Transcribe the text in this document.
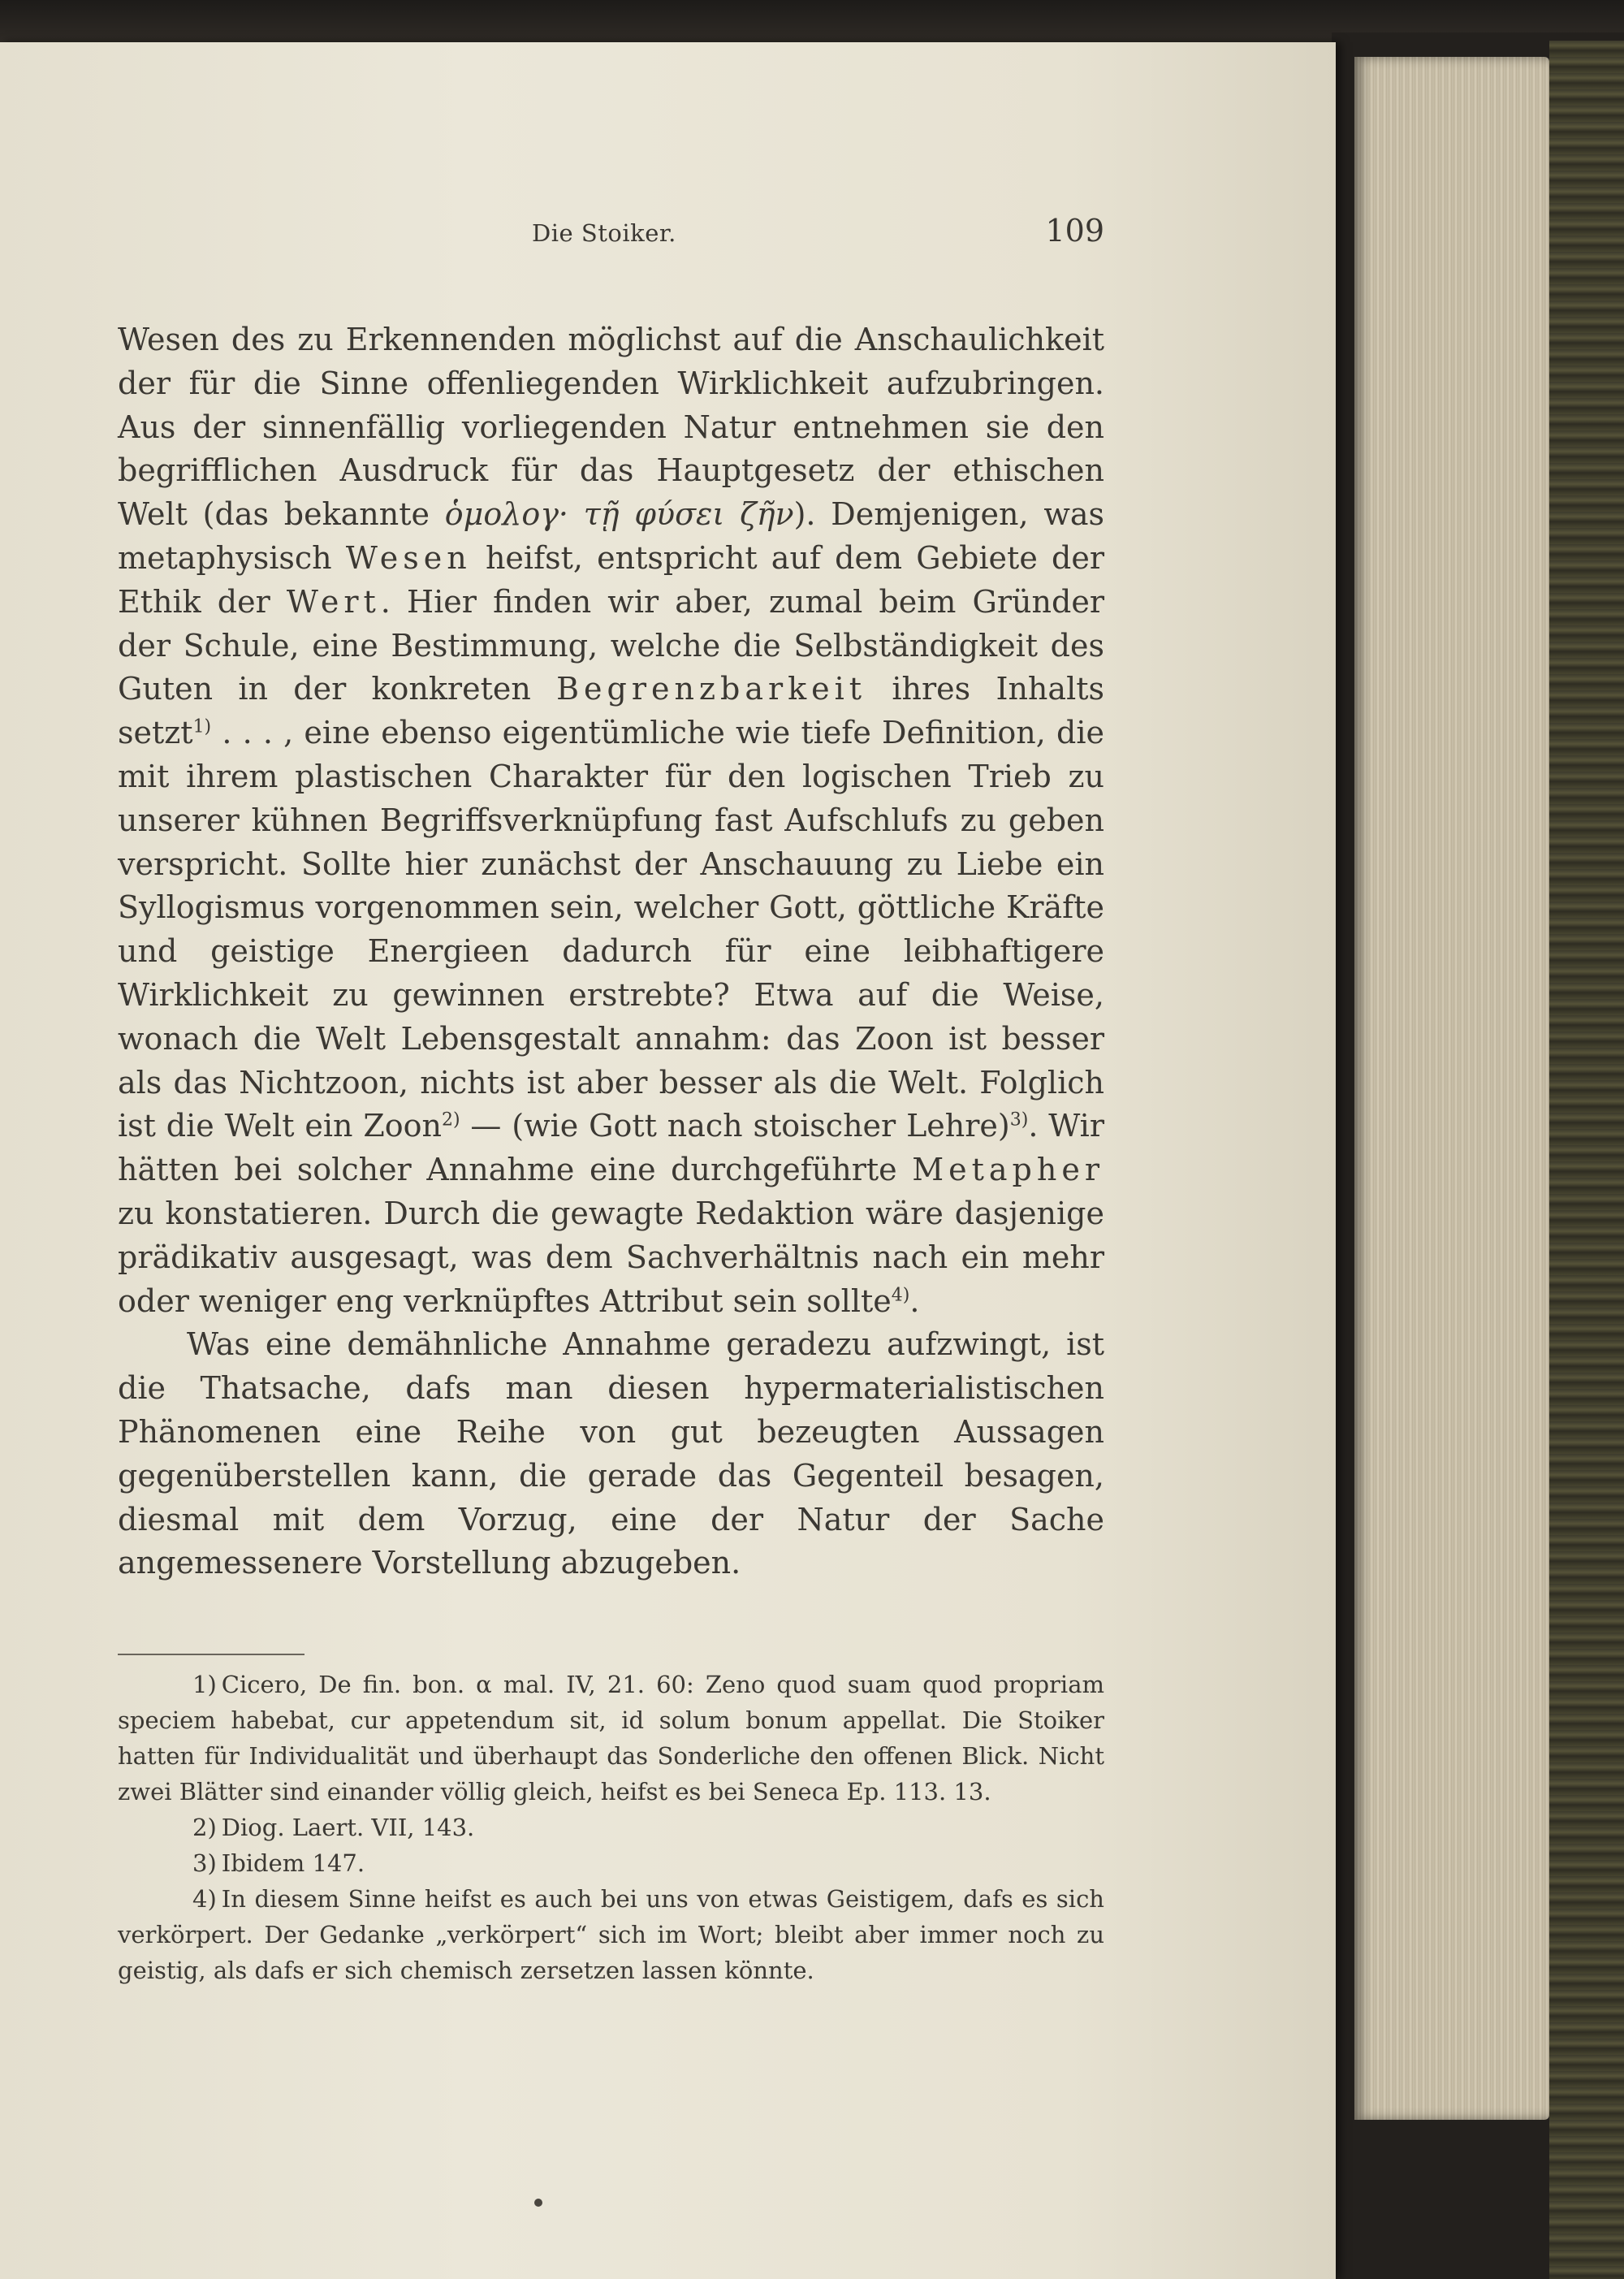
Die Stoiker.	109

Wesen des zu Erkennenden möglichst auf die Anschaulichkeit der für die Sinne offenliegenden Wirklichkeit aufzubringen. Aus der sinnenfällig vorliegenden Natur entnehmen sie den begrifflichen Ausdruck für das Hauptgesetz der ethischen Welt (das bekannte ὁμολογ· τῇ φύσει ζῆν). Demjenigen, was metaphysisch Wesen heifst, entspricht auf dem Gebiete der Ethik der Wert. Hier finden wir aber, zumal beim Gründer der Schule, eine Bestimmung, welche die Selbständigkeit des Guten in der konkreten Begrenzbarkeit ihres Inhalts setzt$^{1)}$ . . . , eine ebenso eigentümliche wie tiefe Definition, die mit ihrem plastischen Charakter für den logischen Trieb zu unserer kühnen Begriffsverknüpfung fast Aufschlufs zu geben verspricht. Sollte hier zunächst der Anschauung zu Liebe ein Syllogismus vorgenommen sein, welcher Gott, göttliche Kräfte und geistige Energieen dadurch für eine leibhaftigere Wirklichkeit zu gewinnen erstrebte? Etwa auf die Weise, wonach die Welt Lebensgestalt annahm: das Zoon ist besser als das Nichtzoon, nichts ist aber besser als die Welt. Folglich ist die Welt ein Zoon$^{2)}$ — (wie Gott nach stoischer Lehre)$^{3)}$. Wir hätten bei solcher Annahme eine durchgeführte Metapher zu konstatieren. Durch die gewagte Redaktion wäre dasjenige prädikativ ausgesagt, was dem Sachverhältnis nach ein mehr oder weniger eng verknüpftes Attribut sein sollte$^{4)}$.

Was eine demähnliche Annahme geradezu aufzwingt, ist die Thatsache, dafs man diesen hypermaterialistischen Phänomenen eine Reihe von gut bezeugten Aussagen gegenüberstellen kann, die gerade das Gegenteil besagen, diesmal mit dem Vorzug, eine der Natur der Sache angemessenere Vorstellung abzugeben.

1) Cicero, De fin. bon. α mal. IV, 21. 60: Zeno quod suam quod propriam speciem habebat, cur appetendum sit, id solum bonum appellat. Die Stoiker hatten für Individualität und überhaupt das Sonderliche den offenen Blick. Nicht zwei Blätter sind einander völlig gleich, heifst es bei Seneca Ep. 113. 13.

2) Diog. Laert. VII, 143.

3) Ibidem 147.

4) In diesem Sinne heifst es auch bei uns von etwas Geistigem, dafs es sich verkörpert. Der Gedanke „verkörpert“ sich im Wort; bleibt aber immer noch zu geistig, als dafs er sich chemisch zersetzen lassen könnte.
